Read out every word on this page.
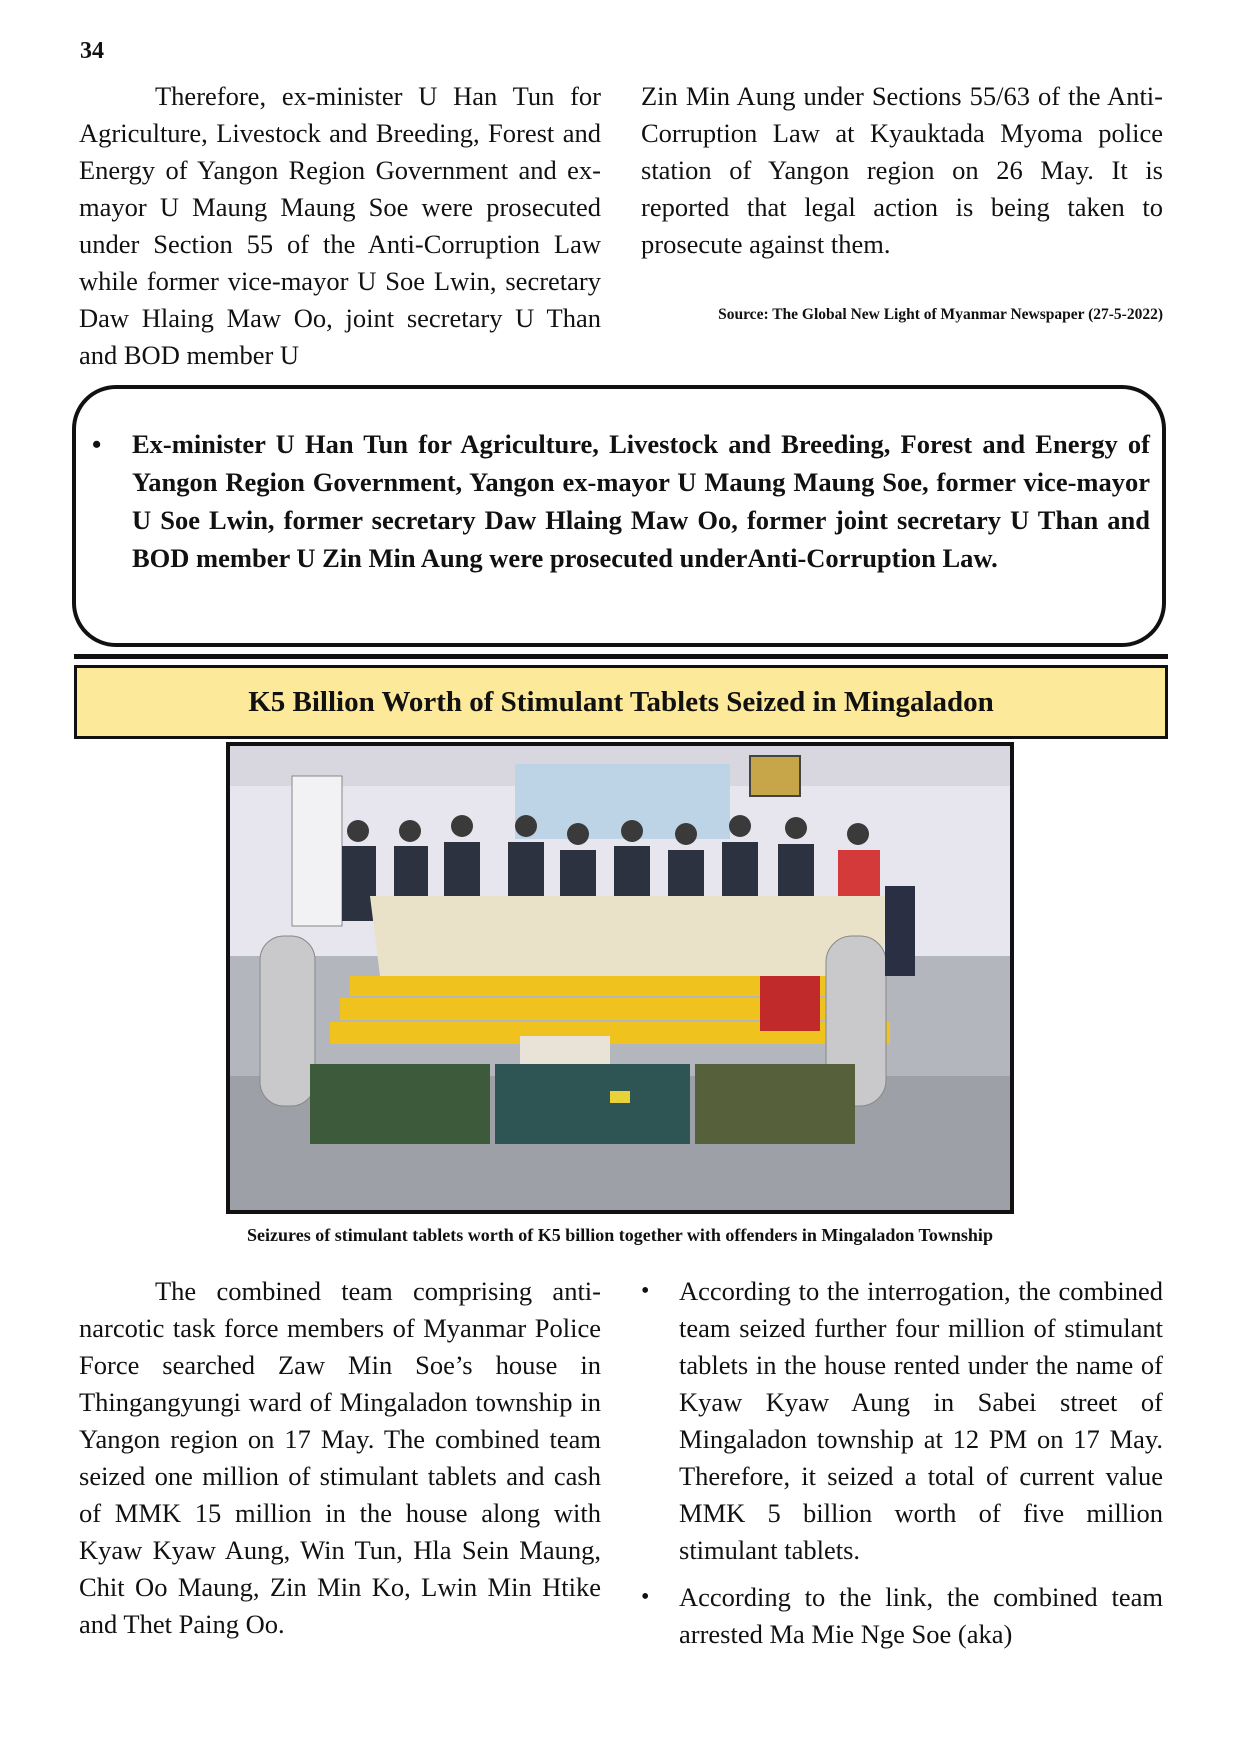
34

Therefore, ex-minister U Han Tun for Agriculture, Livestock and Breeding, Forest and Energy of Yangon Region Government and ex-mayor U Maung Maung Soe were prosecuted under Section 55 of the Anti-Corruption Law while former vice-mayor U Soe Lwin, secretary Daw Hlaing Maw Oo, joint secretary U Than and BOD member U

Zin Min Aung under Sections 55/63 of the Anti-Corruption Law at Kyauktada Myoma police station of Yangon region on 26 May. It is reported that legal action is being taken to prosecute against them.

Source: The Global New Light of Myanmar Newspaper (27-5-2022)
• Ex-minister U Han Tun for Agriculture, Livestock and Breeding, Forest and Energy of Yangon Region Government, Yangon ex-mayor U Maung Maung Soe, former vice-mayor U Soe Lwin, former secretary Daw Hlaing Maw Oo, former joint secretary U Than and BOD member U Zin Min Aung were prosecuted underAnti-Corruption Law.
K5 Billion Worth of Stimulant Tablets Seized in Mingaladon
Seizures of stimulant tablets worth of K5 billion together with offenders in Mingaladon Township

The combined team comprising anti-narcotic task force members of Myanmar Police Force searched Zaw Min Soe’s house in Thingangyungi ward of Mingaladon township in Yangon region on 17 May. The combined team seized one million of stimulant tablets and cash of MMK 15 million in the house along with Kyaw Kyaw Aung, Win Tun, Hla Sein Maung, Chit Oo Maung, Zin Min Ko, Lwin Min Htike and Thet Paing Oo.

• According to the interrogation, the combined team seized further four million of stimulant tablets in the house rented under the name of Kyaw Kyaw Aung in Sabei street of Mingaladon township at 12 PM on 17 May. Therefore, it seized a total of current value MMK 5 billion worth of five million stimulant tablets.
• According to the link, the combined team arrested Ma Mie Nge Soe (aka)
